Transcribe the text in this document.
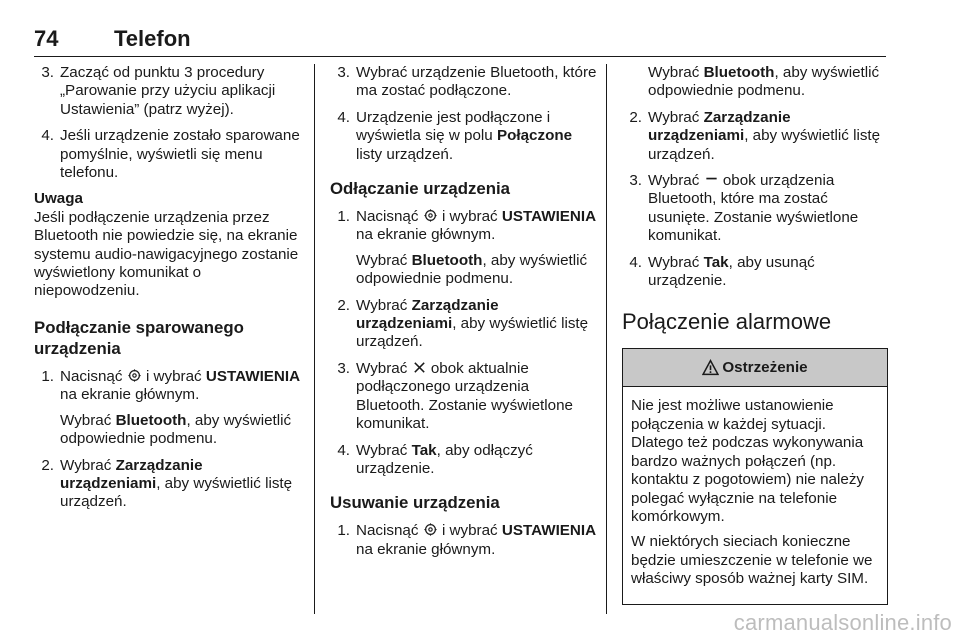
74	Telefon
3. Zacząć od punktu 3 procedury „Parowanie przy użyciu aplikacji Ustawienia” (patrz wyżej).
4. Jeśli urządzenie zostało sparowane pomyślnie, wyświetli się menu telefonu.
Uwaga
Jeśli podłączenie urządzenia przez Bluetooth nie powiedzie się, na ekranie systemu audio-nawigacyjnego zostanie wyświetlony komunikat o niepowodzeniu.
Podłączanie sparowanego urządzenia
1. Nacisnąć i wybrać USTAWIENIA na ekranie głównym.
Wybrać Bluetooth, aby wyświetlić odpowiednie podmenu.
2. Wybrać Zarządzanie urządzeniami, aby wyświetlić listę urządzeń.
3. Wybrać urządzenie Bluetooth, które ma zostać podłączone.
4. Urządzenie jest podłączone i wyświetla się w polu Połączone listy urządzeń.
Odłączanie urządzenia
1. Nacisnąć i wybrać USTAWIENIA na ekranie głównym.
Wybrać Bluetooth, aby wyświetlić odpowiednie podmenu.
2. Wybrać Zarządzanie urządzeniami, aby wyświetlić listę urządzeń.
3. Wybrać obok aktualnie podłączonego urządzenia Bluetooth. Zostanie wyświetlone komunikat.
4. Wybrać Tak, aby odłączyć urządzenie.
Usuwanie urządzenia
1. Nacisnąć i wybrać USTAWIENIA na ekranie głównym.
Wybrać Bluetooth, aby wyświetlić odpowiednie podmenu.
2. Wybrać Zarządzanie urządzeniami, aby wyświetlić listę urządzeń.
3. Wybrać obok urządzenia Bluetooth, które ma zostać usunięte. Zostanie wyświetlone komunikat.
4. Wybrać Tak, aby usunąć urządzenie.
Połączenie alarmowe
Ostrzeżenie

Nie jest możliwe ustanowienie połączenia w każdej sytuacji. Dlatego też podczas wykonywania bardzo ważnych połączeń (np. kontaktu z pogotowiem) nie należy polegać wyłącznie na telefonie komórkowym.

W niektórych sieciach konieczne będzie umieszczenie w telefonie we właściwy sposób ważnej karty SIM.

carmanualsonline.info
